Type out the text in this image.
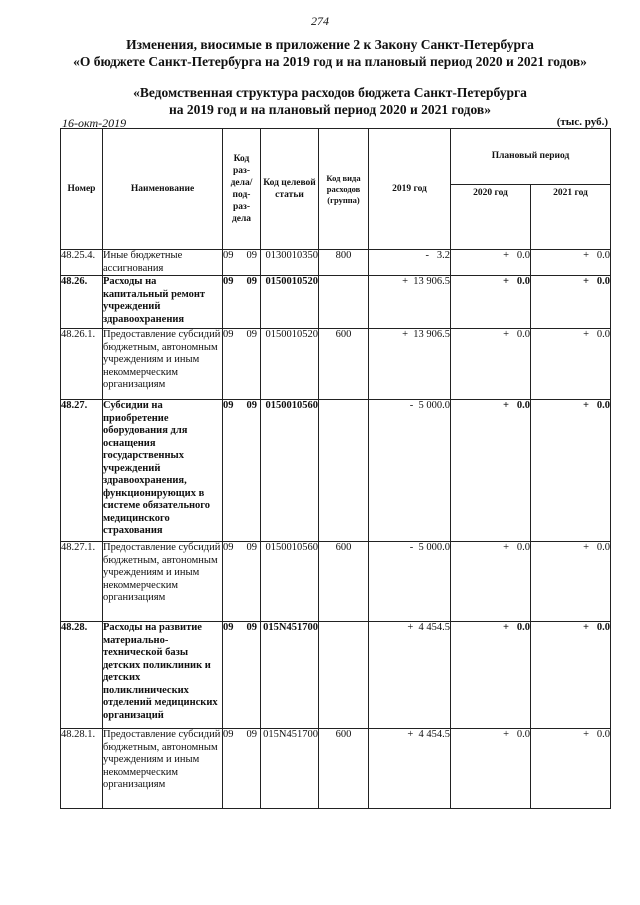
274
Изменения, виосимые в приложение 2 к Закону Санкт-Петербурга
«О бюджете Санкт-Петербурга на 2019 год и на плановый период 2020 и 2021 годов»
«Ведомственная структура расходов бюджета Санкт-Петербурга
на 2019 год и на плановый период 2020 и 2021 годов»
16-окт-2019	(тыс. руб.)
Номер	Наименование	Код раз- дела/ под- раз- дела	Код целевой статьи	Код вида расходов (группа)	2019 год	Плановый период	
						2020 год	2021 год
48.25.4.	Иные бюджетные ассигнования	09 09	0130010350	800	-   3.2	+   0.0	+   0.0
48.26.	Расходы на капитальный ремонт учреждений здравоохранения	09 09	0150010520		+  13 906.5	+   0.0	+   0.0
48.26.1.	Предоставление субсидий бюджетным, автономным учреждениям и иным некоммерческим организациям	09 09	0150010520	600	+  13 906.5	+   0.0	+   0.0
48.27.	Субсидии на приобретение оборудования для оснащения государственных учреждений здравоохранения, функционирующих в системе обязательного медицинского страхования	09 09	0150010560		-  5 000.0	+   0.0	+   0.0
48.27.1.	Предоставление субсидий бюджетным, автономным учреждениям и иным некоммерческим организациям	09 09	0150010560	600	-  5 000.0	+   0.0	+   0.0
48.28.	Расходы на развитие материально-технической базы детских поликлиник и детских поликлинических отделений медицинских организаций	09 09	015N451700		+  4 454.5	+   0.0	+   0.0
48.28.1.	Предоставление субсидий бюджетным, автономным учреждениям и иным некоммерческим организациям	09 09	015N451700	600	+  4 454.5	+   0.0	+   0.0
